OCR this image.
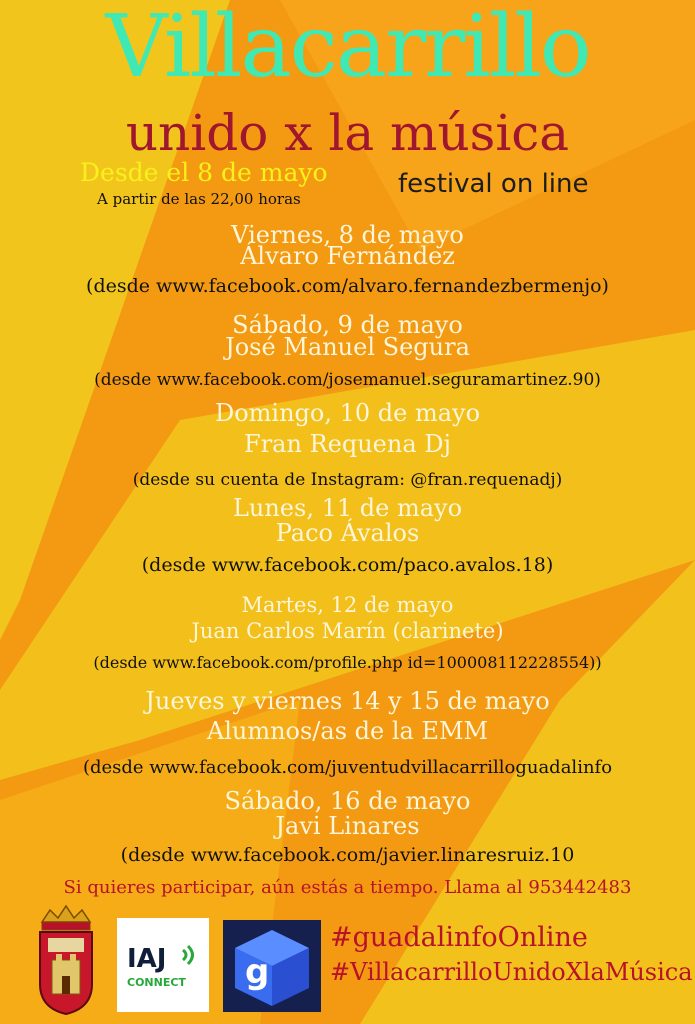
Villacarrillo
unido x la música
Desde el 8 de mayo
A partir de las 22,00 horas	festival on line
Viernes, 8 de mayo
Álvaro Fernández
(desde www.facebook.com/alvaro.fernandezbermenjo)
Sábado, 9 de mayo
José Manuel Segura
(desde www.facebook.com/josemanuel.seguramartinez.90)
Domingo, 10 de mayo
Fran Requena Dj
(desde su cuenta de Instagram: @fran.requenadj)
Lunes, 11 de mayo
Paco Ávalos
(desde www.facebook.com/paco.avalos.18)
Martes, 12 de mayo
Juan Carlos Marín (clarinete)
(desde www.facebook.com/profile.php id=100008112228554))
Jueves y viernes 14 y 15 de mayo
Alumnos/as de la EMM
(desde www.facebook.com/juventudvillacarrilloguadalinfo
Sábado, 16 de mayo
Javi Linares
(desde www.facebook.com/javier.linaresruiz.10
Si quieres participar, aún estás a tiempo. Llama al 953442483
IAJ
CONNECT g
#guadalinfoOnline
#VillacarrilloUnidoXlaMúsica
